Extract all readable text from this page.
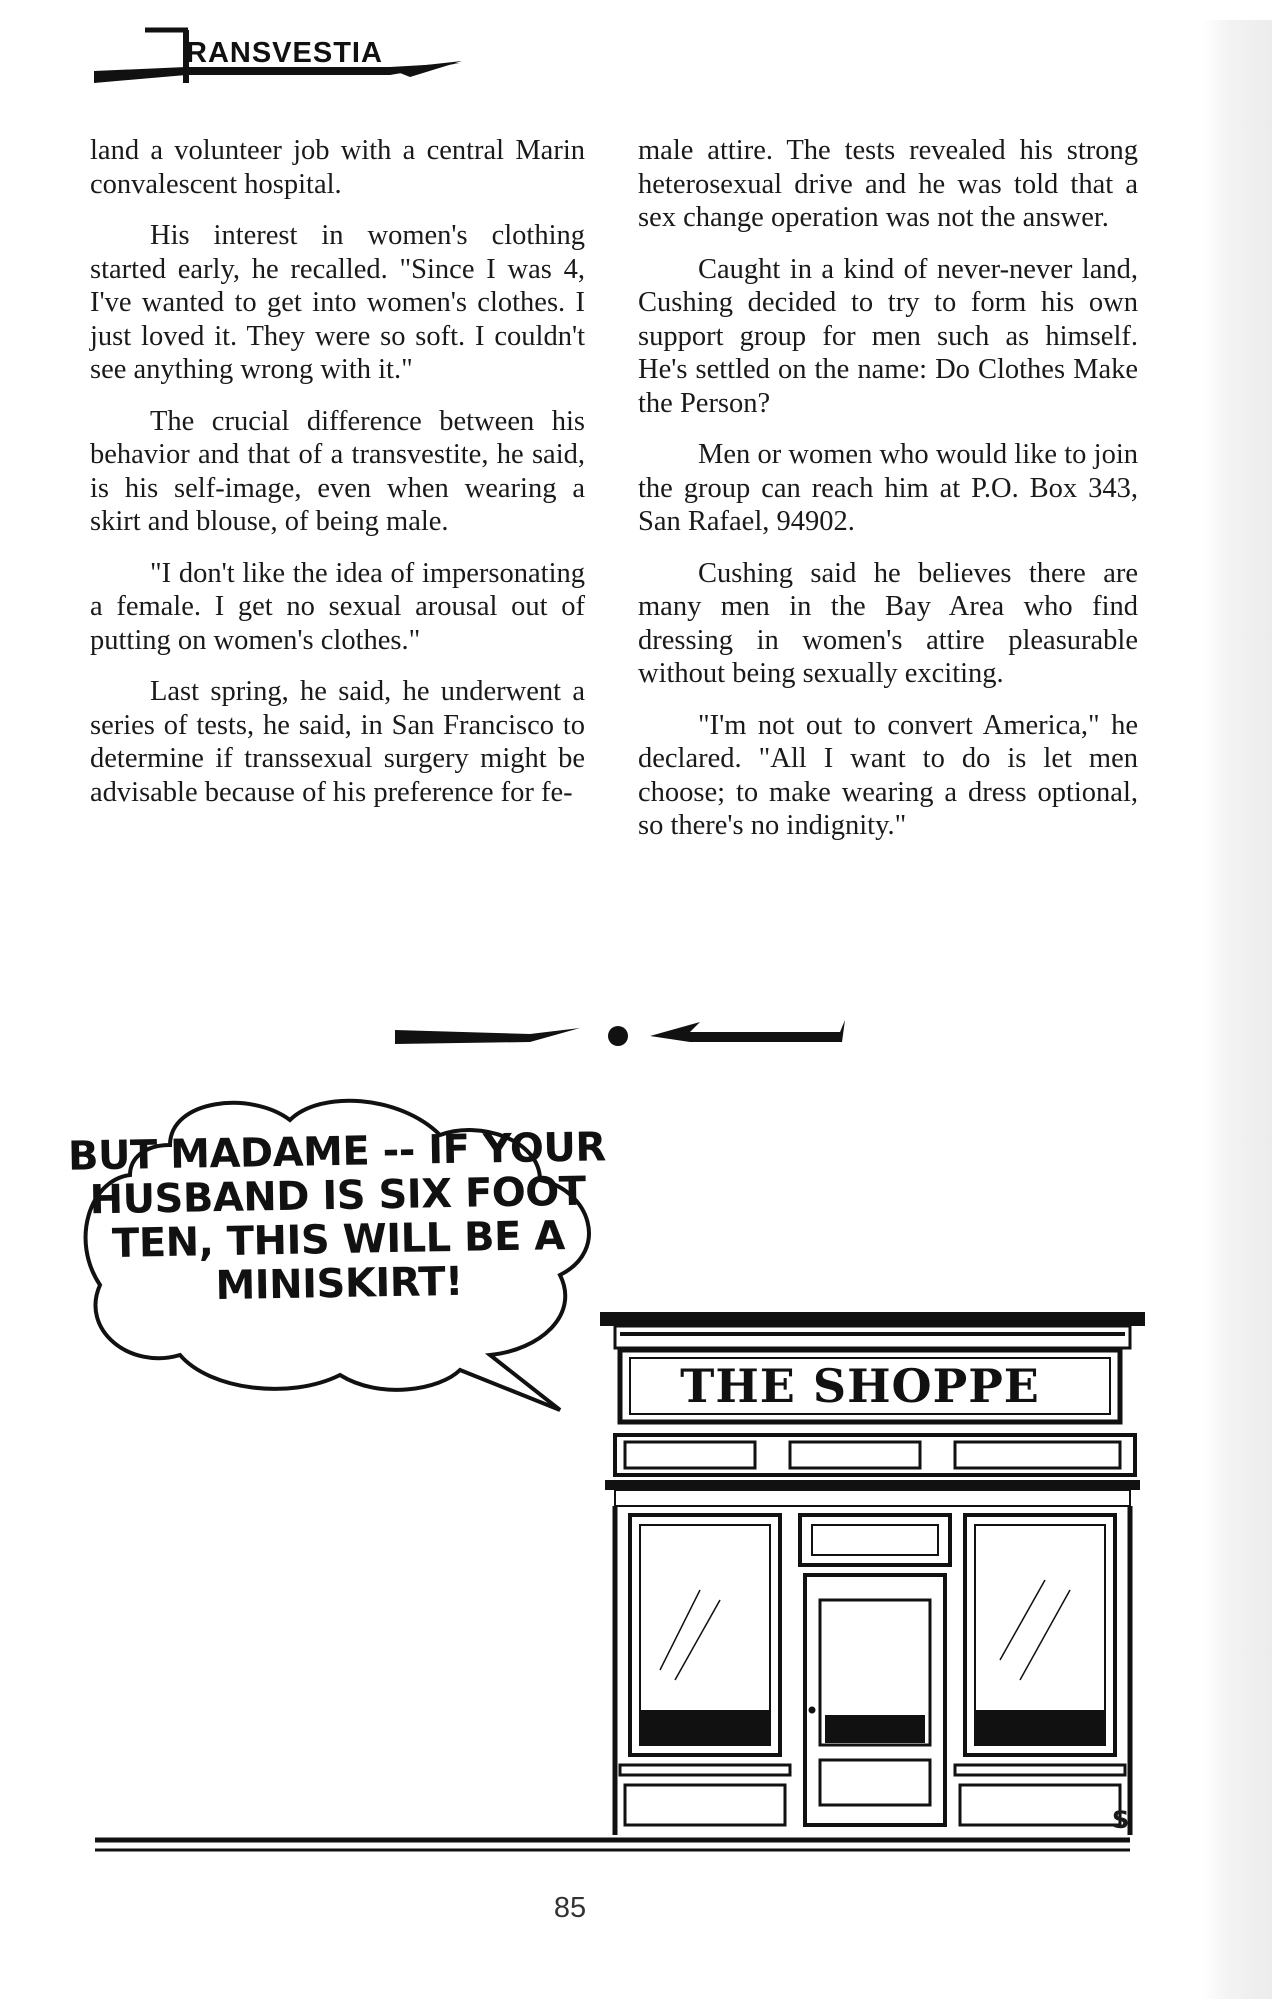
RANSVESTIA

land a volunteer job with a central Marin convalescent hospital.

His interest in women's clothing started early, he recalled. "Since I was 4, I've wanted to get into women's clothes. I just loved it. They were so soft. I couldn't see anything wrong with it."

The crucial difference between his behavior and that of a transvestite, he said, is his self-image, even when wearing a skirt and blouse, of being male.

"I don't like the idea of impersonating a female. I get no sexual arousal out of putting on women's clothes."

Last spring, he said, he underwent a series of tests, he said, in San Francisco to determine if transsexual surgery might be advisable because of his preference for fe-

male attire. The tests revealed his strong heterosexual drive and he was told that a sex change operation was not the answer.

Caught in a kind of never-never land, Cushing decided to try to form his own support group for men such as himself. He's settled on the name: Do Clothes Make the Person?

Men or women who would like to join the group can reach him at P.O. Box 343, San Rafael, 94902.

Cushing said he believes there are many men in the Bay Area who find dressing in women's attire pleasurable without being sexually exciting.

"I'm not out to convert America," he declared. "All I want to do is let men choose; to make wearing a dress optional, so there's no indignity."

BUT MADAME -- IF YOUR HUSBAND IS SIX FOOT TEN, THIS WILL BE A MINISKIRT!
THE SHOPPE
S
85
